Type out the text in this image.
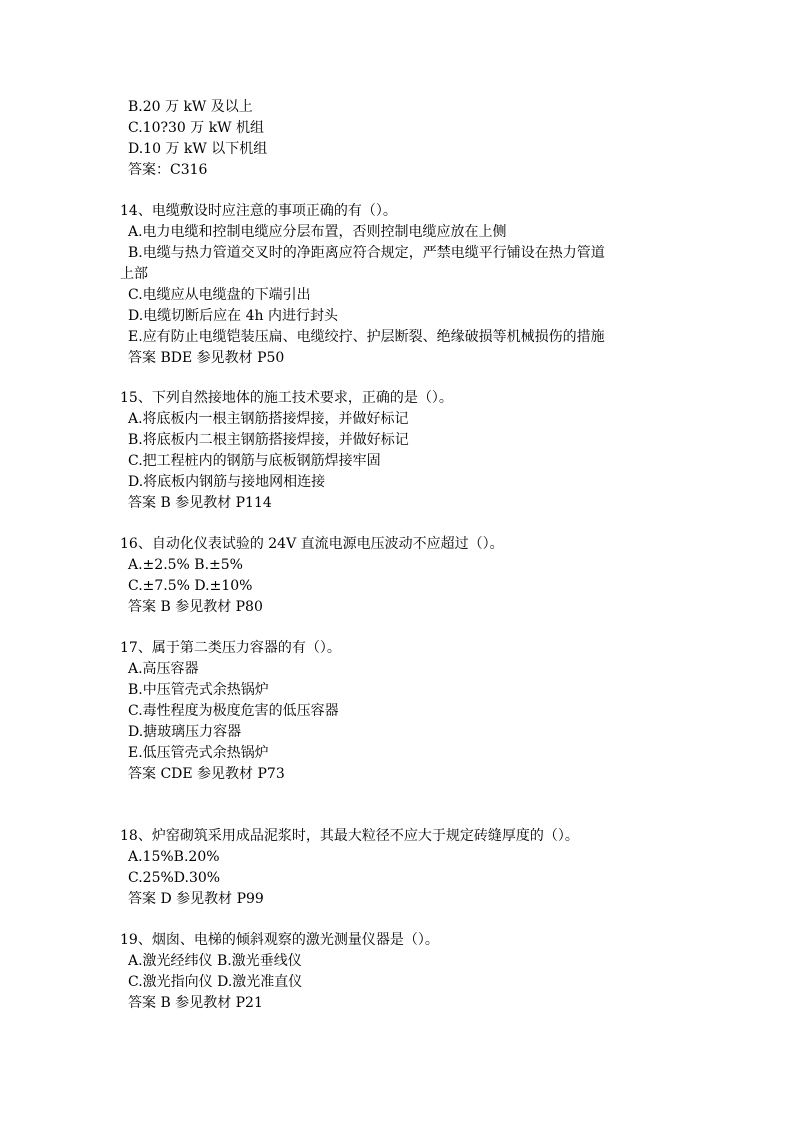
B.20 万 kW 及以上
C.10?30 万 kW 机组
D.10 万 kW 以下机组
答案：C316
14、电缆敷设时应注意的事项正确的有（）。
A.电力电缆和控制电缆应分层布置，否则控制电缆应放在上侧
B.电缆与热力管道交叉时的净距离应符合规定，严禁电缆平行铺设在热力管道
上部
C.电缆应从电缆盘的下端引出
D.电缆切断后应在 4h 内进行封头
E.应有防止电缆铠装压扁、电缆绞拧、护层断裂、绝缘破损等机械损伤的措施
答案 BDE 参见教材 P50
15、下列自然接地体的施工技术要求，正确的是（）。
A.将底板内一根主钢筋搭接焊接，并做好标记
B.将底板内二根主钢筋搭接焊接，并做好标记
C.把工程桩内的钢筋与底板钢筋焊接牢固
D.将底板内钢筋与接地网相连接
答案 B 参见教材 P114
16、自动化仪表试验的 24V 直流电源电压波动不应超过（）。
A.±2.5% B.±5%
C.±7.5% D.±10%
答案 B 参见教材 P80
17、属于第二类压力容器的有（）。
A.高压容器
B.中压管壳式余热锅炉
C.毒性程度为极度危害的低压容器
D.搪玻璃压力容器
E.低压管壳式余热锅炉
答案 CDE 参见教材 P73
18、炉窑砌筑采用成品泥浆时，其最大粒径不应大于规定砖缝厚度的（）。
A.15%B.20%
C.25%D.30%
答案 D 参见教材 P99
19、烟囱、电梯的倾斜观察的激光测量仪器是（）。
A.激光经纬仪 B.激光垂线仪
C.激光指向仪 D.激光准直仪
答案 B 参见教材 P21
